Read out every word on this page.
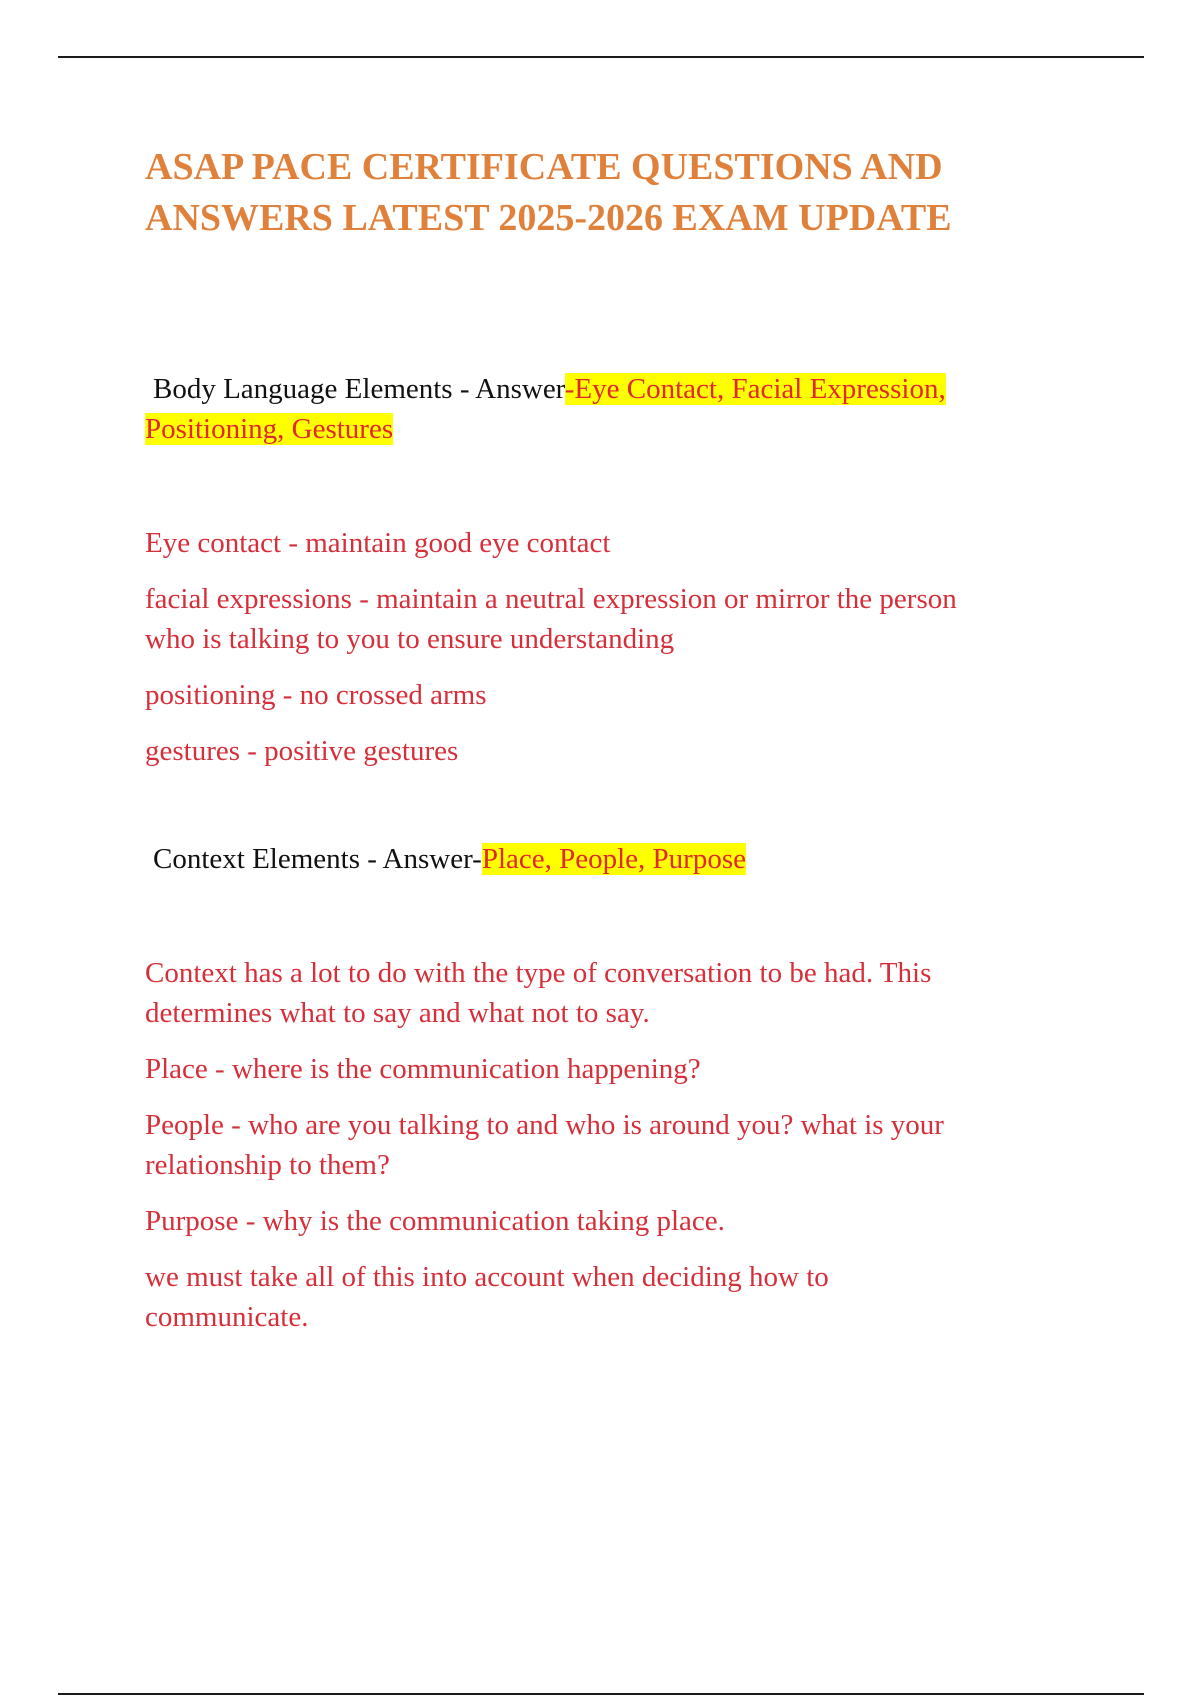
ASAP PACE CERTIFICATE QUESTIONS AND
ANSWERS LATEST 2025-2026 EXAM UPDATE
Body Language Elements - Answer-Eye Contact, Facial Expression,
Positioning, Gestures

Eye contact - maintain good eye contact

facial expressions - maintain a neutral expression or mirror the person
who is talking to you to ensure understanding

positioning - no crossed arms

gestures - positive gestures

Context Elements - Answer-Place, People, Purpose

Context has a lot to do with the type of conversation to be had. This
determines what to say and what not to say.

Place - where is the communication happening?

People - who are you talking to and who is around you? what is your
relationship to them?

Purpose - why is the communication taking place.

we must take all of this into account when deciding how to
communicate.
